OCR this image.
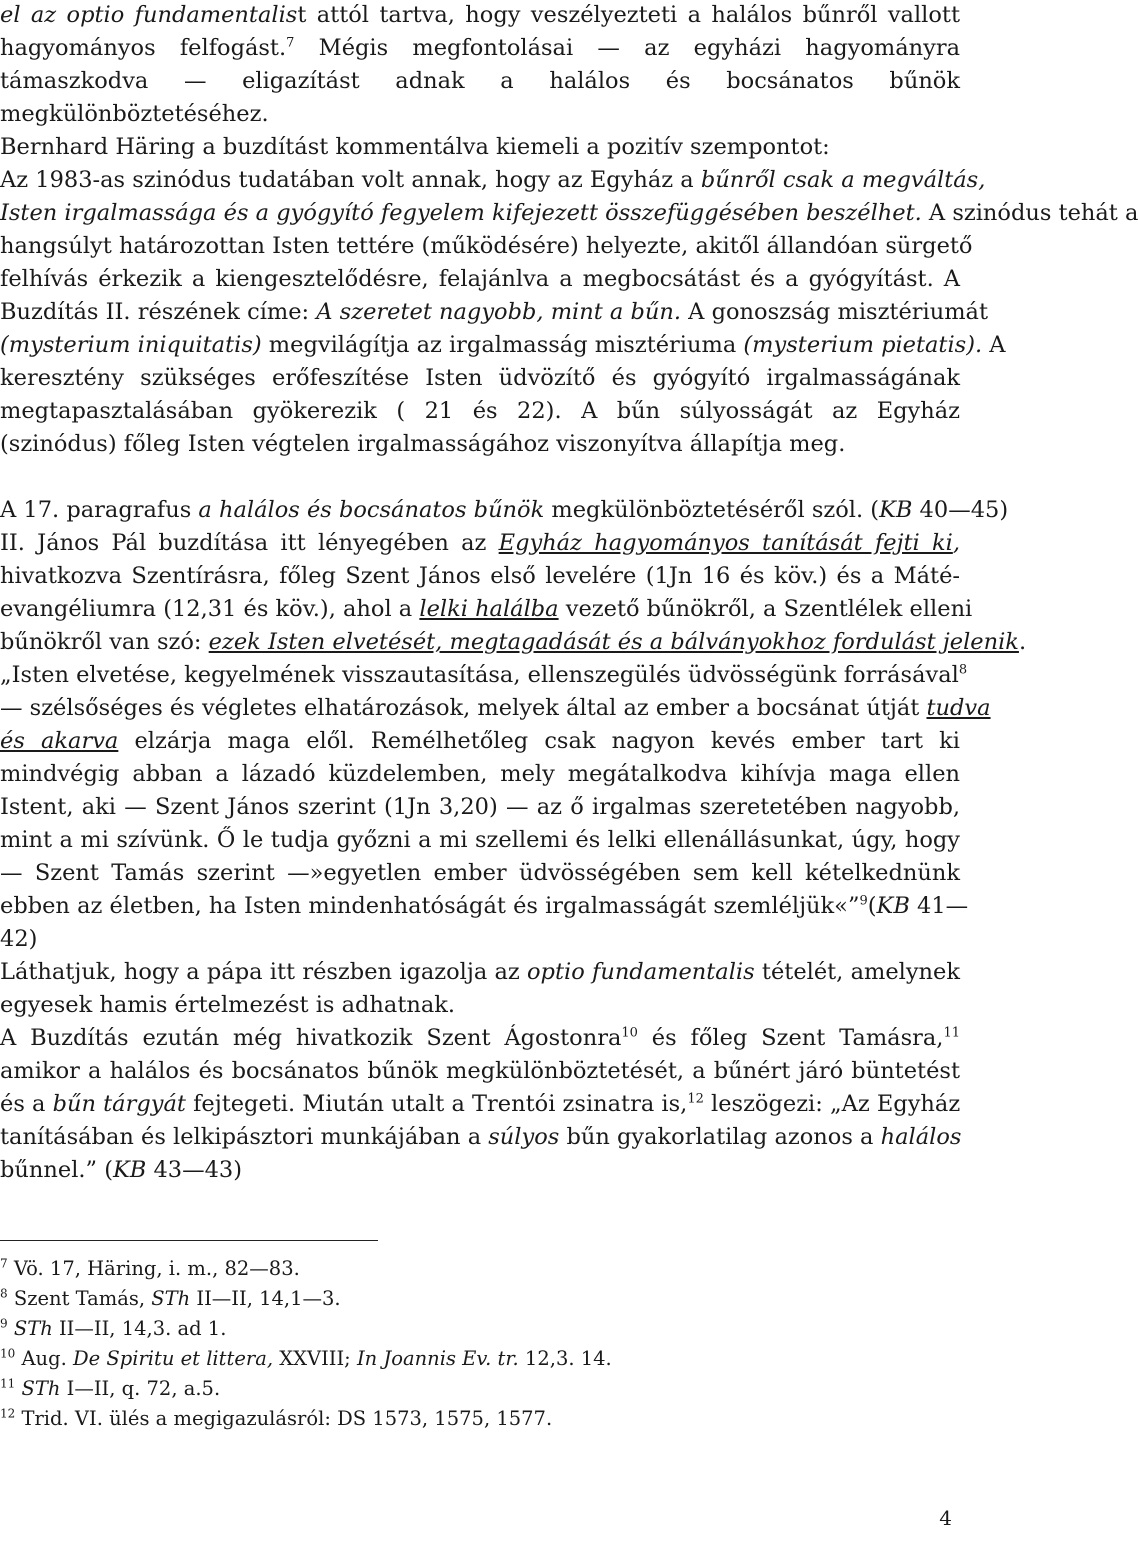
el az optio fundamentalist attól tartva, hogy veszélyezteti a halálos bűnről vallott
hagyományos felfogást.$^7$ Mégis megfontolásai — az egyházi hagyományra
támaszkodva — eligazítást adnak a halálos és bocsánatos bűnök
megkülönböztetéséhez.
Bernhard Häring a buzdítást kommentálva kiemeli a pozitív szempontot:
Az 1983-as szinódus tudatában volt annak, hogy az Egyház a bűnről csak a megváltás,
Isten irgalmassága és a gyógyító fegyelem kifejezett összefüggésében beszélhet. A szinódus tehát a
hangsúlyt határozottan Isten tettére (működésére) helyezte, akitől állandóan sürgető
felhívás érkezik a kiengesztelődésre, felajánlva a megbocsátást és a gyógyítást. A
Buzdítás II. részének címe: A szeretet nagyobb, mint a bűn. A gonoszság misztériumát
(mysterium iniquitatis) megvilágítja az irgalmasság misztériuma (mysterium pietatis). A
keresztény szükséges erőfeszítése Isten üdvözítő és gyógyító irgalmasságának
megtapasztalásában gyökerezik ( 21 és 22). A bűn súlyosságát az Egyház
(szinódus) főleg Isten végtelen irgalmasságához viszonyítva állapítja meg.
A 17. paragrafus a halálos és bocsánatos bűnök megkülönböztetéséről szól. (KB 40—45)
II. János Pál buzdítása itt lényegében az Egyház hagyományos tanítását fejti ki,
hivatkozva Szentírásra, főleg Szent János első levelére (1Jn 16 és köv.) és a Máté-
evangéliumra (12,31 és köv.), ahol a lelki halálba vezető bűnökről, a Szentlélek elleni
bűnökről van szó: ezek Isten elvetését, megtagadását és a bálványokhoz fordulást jelenik.
„Isten elvetése, kegyelmének visszautasítása, ellenszegülés üdvösségünk forrásával$^8$
— szélsőséges és végletes elhatározások, melyek által az ember a bocsánat útját tudva
és akarva elzárja maga elől. Remélhetőleg csak nagyon kevés ember tart ki
mindvégig abban a lázadó küzdelemben, mely megátalkodva kihívja maga ellen
Istent, aki — Szent János szerint (1Jn 3,20) — az ő irgalmas szeretetében nagyobb,
mint a mi szívünk. Ő le tudja győzni a mi szellemi és lelki ellenállásunkat, úgy, hogy
— Szent Tamás szerint —»egyetlen ember üdvösségében sem kell kételkednünk
ebben az életben, ha Isten mindenhatóságát és irgalmasságát szemléljük«”$^9$(KB 41—
42)
Láthatjuk, hogy a pápa itt részben igazolja az optio fundamentalis tételét, amelynek
egyesek hamis értelmezést is adhatnak.
A Buzdítás ezután még hivatkozik Szent Ágostonra$^{10}$ és főleg Szent Tamásra,$^{11}$
amikor a halálos és bocsánatos bűnök megkülönböztetését, a bűnért járó büntetést
és a bűn tárgyát fejtegeti. Miután utalt a Trentói zsinatra is,$^{12}$ leszögezi: „Az Egyház
tanításában és lelkipásztori munkájában a súlyos bűn gyakorlatilag azonos a halálos
bűnnel.” (KB 43—43)
$^7$ Vö. 17, Häring, i. m., 82—83.
$^8$ Szent Tamás, STh II—II, 14,1—3.
$^9$ STh II—II, 14,3. ad 1.
$^{10}$ Aug. De Spiritu et littera, XXVIII; In Joannis Ev. tr. 12,3. 14.
$^{11}$ STh I—II, q. 72, a.5.
$^{12}$ Trid. VI. ülés a megigazulásról: DS 1573, 1575, 1577.
4
